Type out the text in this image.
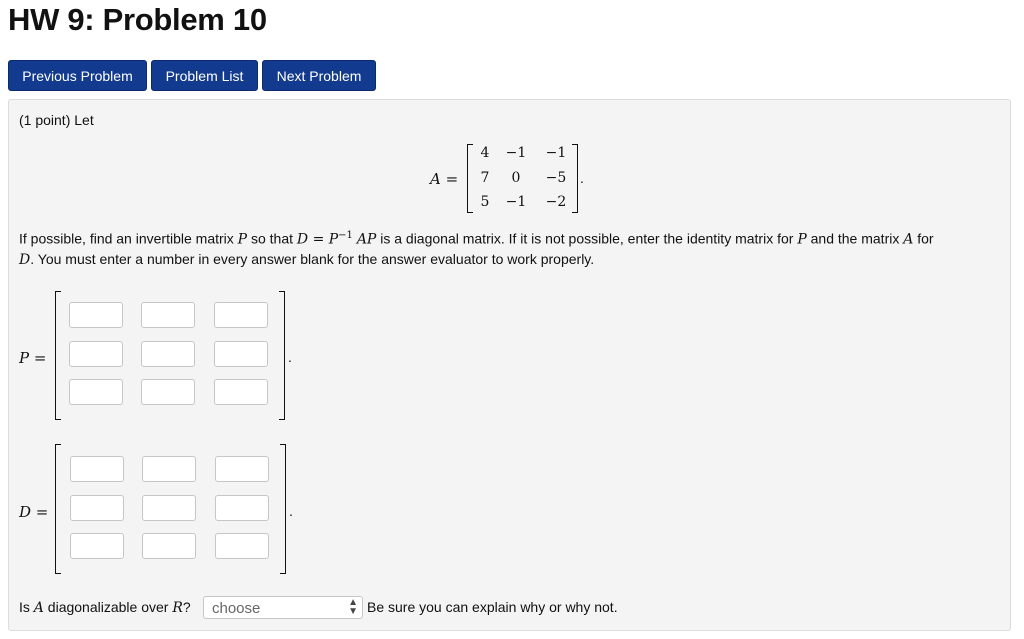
HW 9: Problem 10
Previous Problem	Problem List	Next Problem
(1 point) Let
A =
4	−1	−1
7	0	−5
5	−1	−2
.
If possible, find an invertible matrix P so that $D = P^{-1}$ AP is a diagonal matrix. If it is not possible, enter the identity matrix for P and the matrix A for
D. You must enter a number in every answer blank for the answer evaluator to work properly.
P =	.
D =	.
Is A diagonalizable over R? choose	▲
▼ Be sure you can explain why or why not.
